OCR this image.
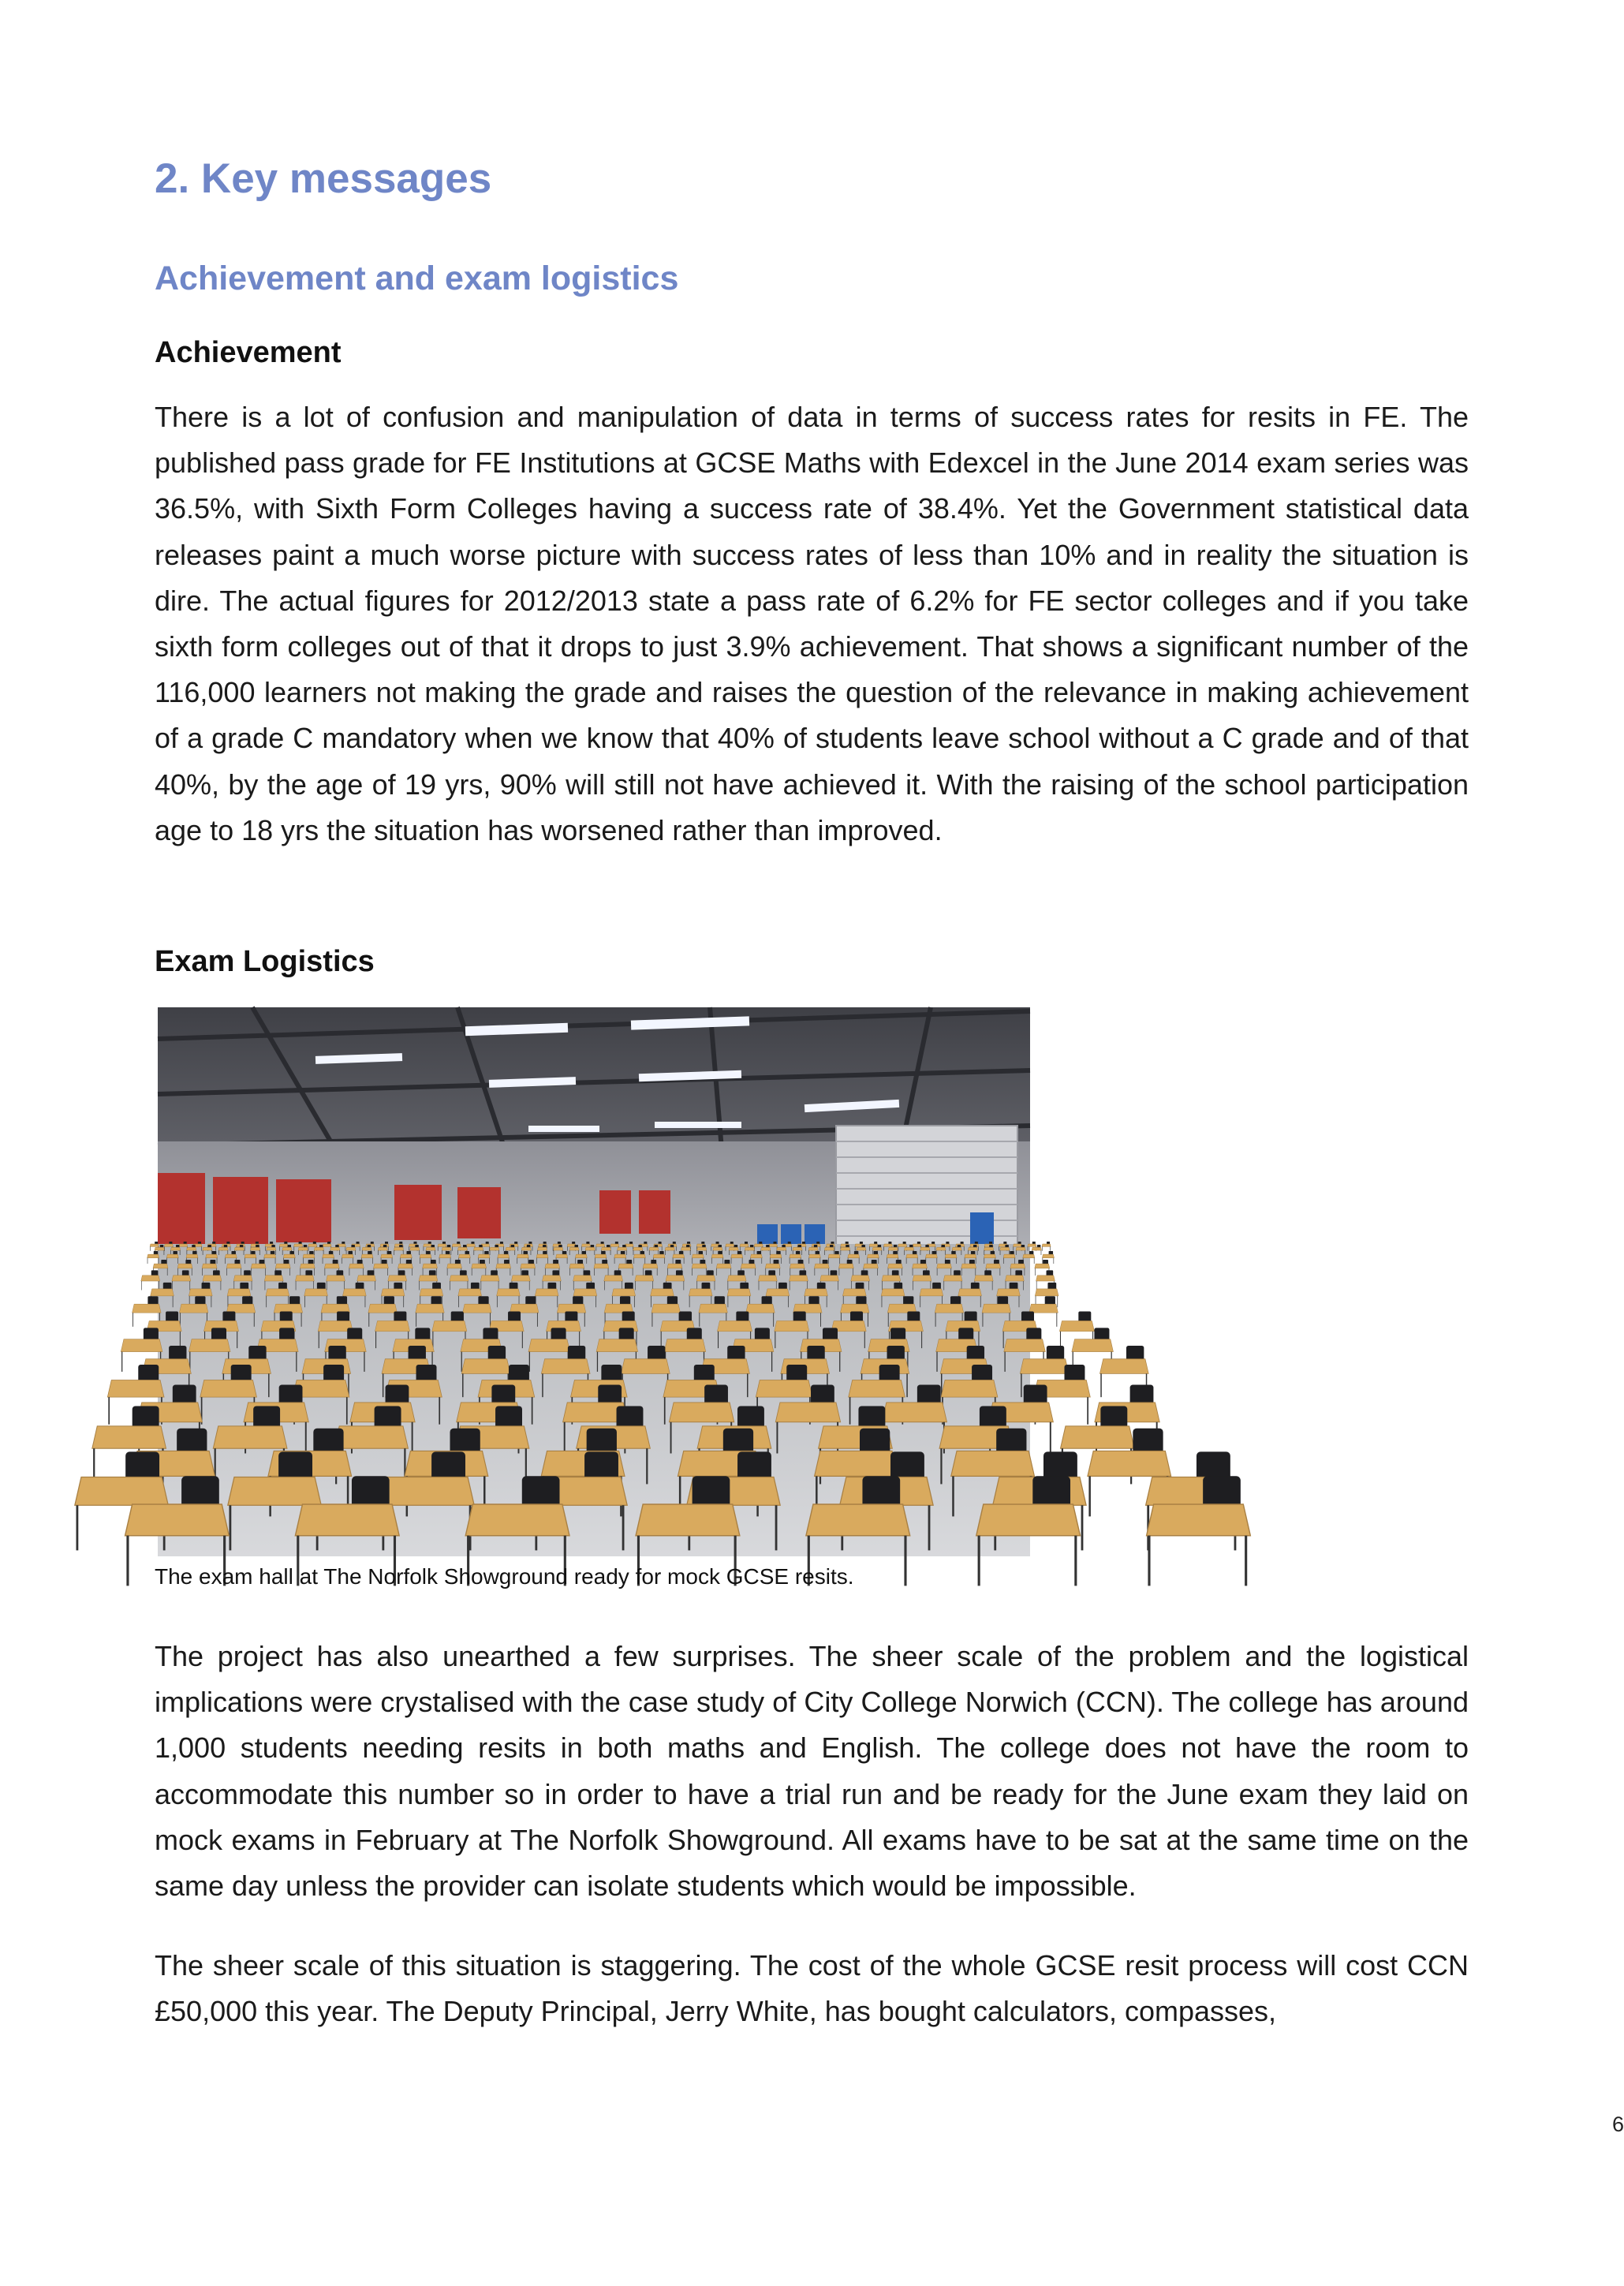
2. Key messages
Achievement and exam logistics
Achievement

There is a lot of confusion and manipulation of data in terms of success rates for resits in FE. The published pass grade for FE Institutions at GCSE Maths with Edexcel in the June 2014 exam series was 36.5%, with Sixth Form Colleges having a success rate of 38.4%. Yet the Government statistical data releases paint a much worse picture with success rates of less than 10% and in reality the situation is dire. The actual figures for 2012/2013 state a pass rate of 6.2% for FE sector colleges and if you take sixth form colleges out of that it drops to just 3.9% achievement. That shows a significant number of the 116,000 learners not making the grade and raises the question of the relevance in making achievement of a grade C mandatory when we know that 40% of students leave school without a C grade and of that 40%, by the age of 19 yrs, 90% will still not have achieved it. With the raising of the school participation age to 18 yrs the situation has worsened rather than improved.

Exam Logistics

The exam hall at The Norfolk Showground ready for mock GCSE resits.

The project has also unearthed a few surprises. The sheer scale of the problem and the logistical implications were crystalised with the case study of City College Norwich (CCN). The college has around 1,000 students needing resits in both maths and English. The college does not have the room to accommodate this number so in order to have a trial run and be ready for the June exam they laid on mock exams in February at The Norfolk Showground. All exams have to be sat at the same time on the same day unless the provider can isolate students which would be impossible.

The sheer scale of this situation is staggering. The cost of the whole GCSE resit process will cost CCN £50,000 this year. The Deputy Principal, Jerry White, has bought calculators, compasses,

6
